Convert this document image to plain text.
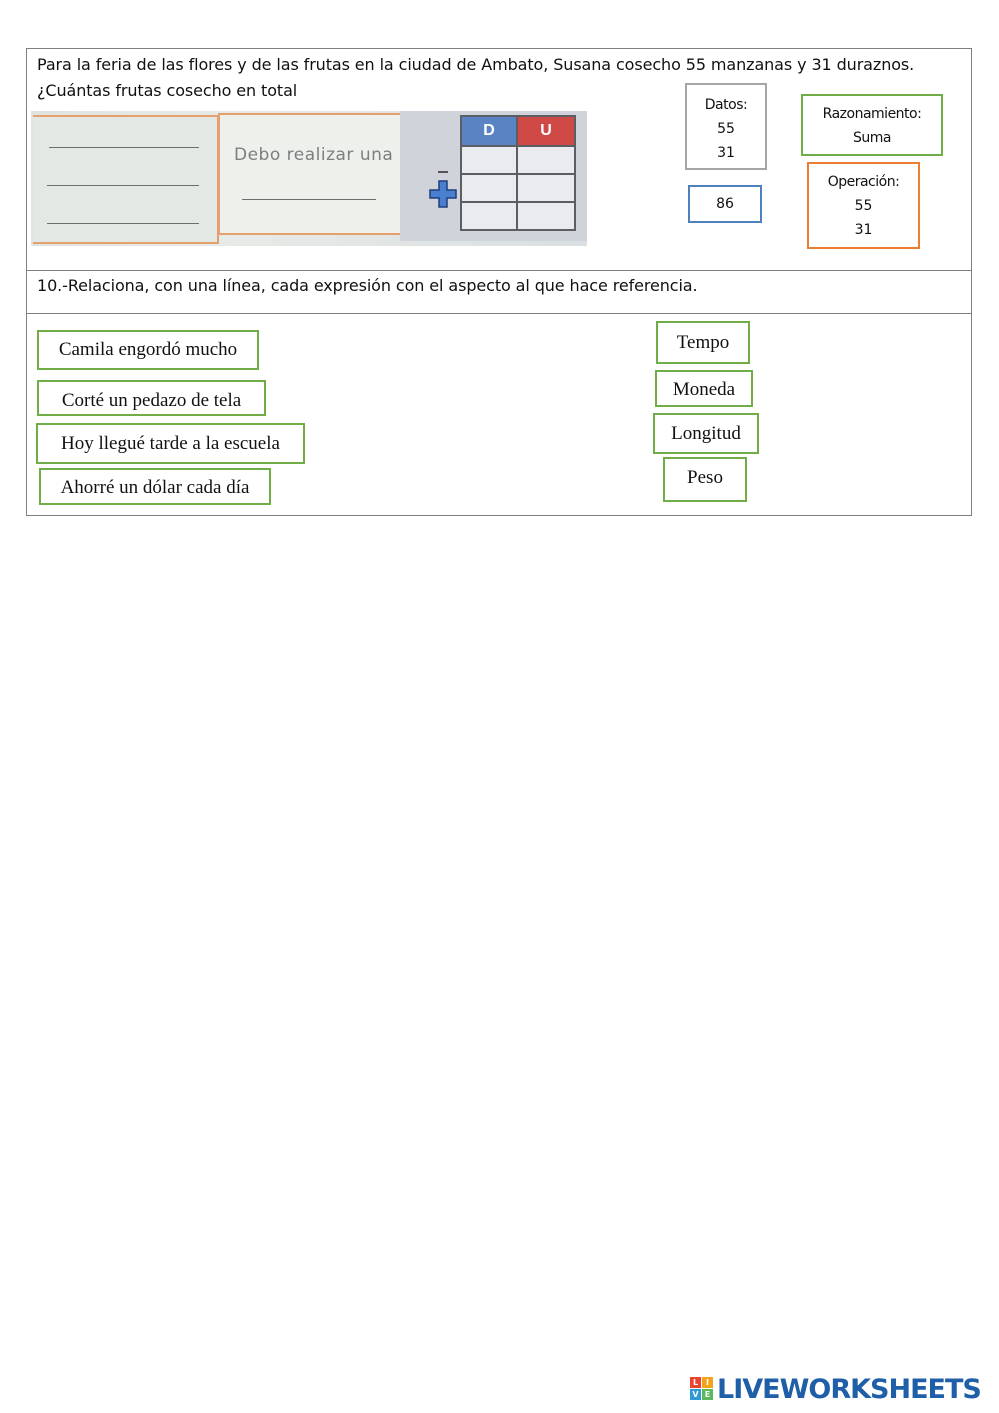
Para la feria de las flores y de las frutas en la ciudad de Ambato, Susana cosecho 55 manzanas y 31 duraznos.
¿Cuántas frutas cosecho en total
Debo realizar una
D	U
Datos:
55
31
86
Razonamiento:
Suma
Operación:
55
31
10.-Relaciona, con una línea, cada expresión con el aspecto al que hace referencia.
Camila engordó mucho
Corté un pedazo de tela
Hoy llegué tarde a la escuela
Ahorré un dólar cada día
Tempo
Moneda
Longitud
Peso
L I
V E LIVEWORKSHEETS
